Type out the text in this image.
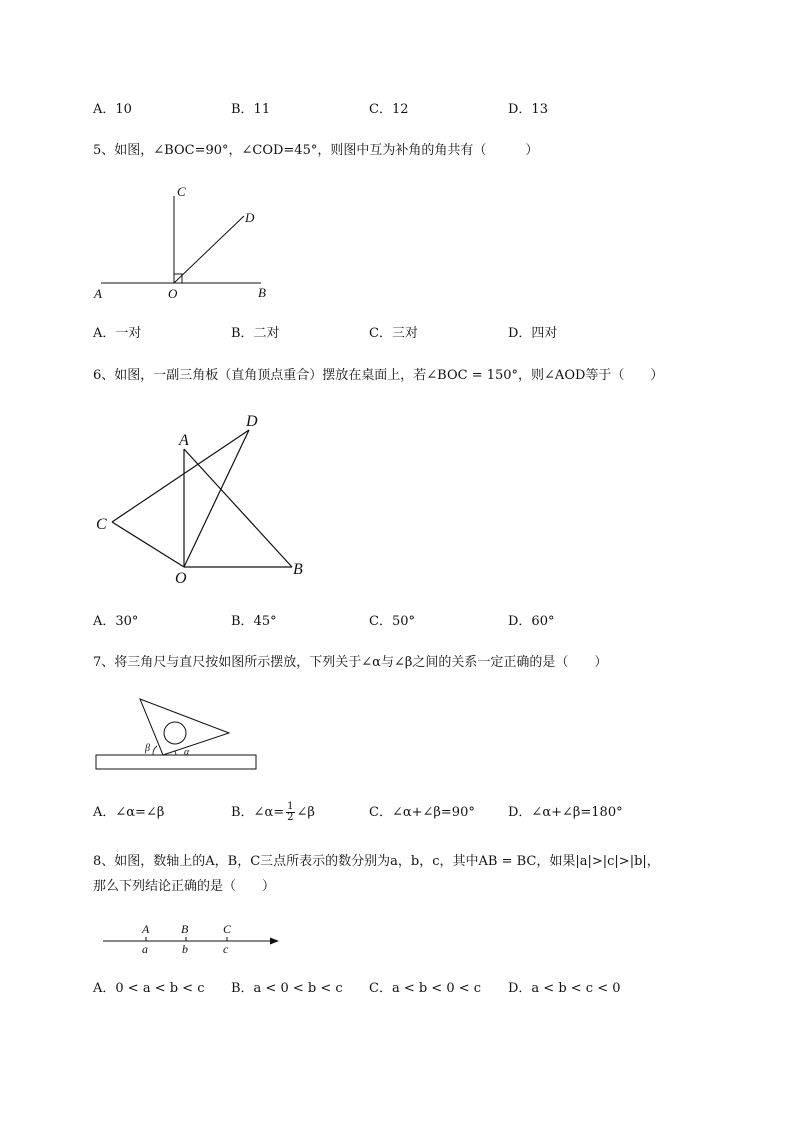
A．10	B．11	C．12	D．13
5、如图，∠BOC=90°，∠COD=45°，则图中互为补角的角共有（　　　）
A	O	B
C
D
A．一对	B．二对	C．三对	D．四对
6、如图，一副三角板（直角顶点重合）摆放在桌面上，若∠BOC = 150°，则∠AOD等于（　　）
A
D
C
O
B
A．30°	B．45°	C．50°	D．60°
7、将三角尺与直尺按如图所示摆放，下列关于∠α与∠β之间的关系一定正确的是（　　）
β	α
A．∠α=∠β	B．∠α= $\frac{1}{2}$ ∠β	C．∠α+∠β=90°	D．∠α+∠β=180°
8、如图，数轴上的A，B，C三点所表示的数分别为a，b，c，其中AB = BC，如果|a|>|c|>|b|，
那么下列结论正确的是（　　）
A	B	C
a	b	c
A．0 < a < b < c B．a < 0 < b < c C．a < b < 0 < c D．a < b < c < 0
